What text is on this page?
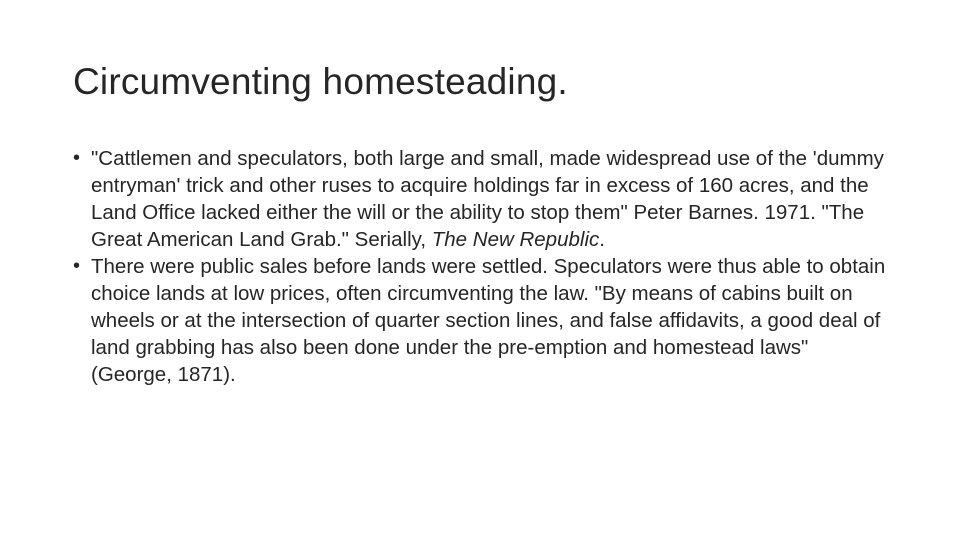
Circumventing homesteading.
• "Cattlemen and speculators, both large and small, made widespread use of the 'dummy entryman' trick and other ruses to acquire holdings far in excess of 160 acres, and the Land Office lacked either the will or the ability to stop them" Peter Barnes. 1971. "The Great American Land Grab." Serially, The New Republic.
• There were public sales before lands were settled. Speculators were thus able to obtain choice lands at low prices, often circumventing the law. "By means of cabins built on wheels or at the intersection of quarter section lines, and false affidavits, a good deal of land grabbing has also been done under the pre-emption and homestead laws" (George, 1871).
